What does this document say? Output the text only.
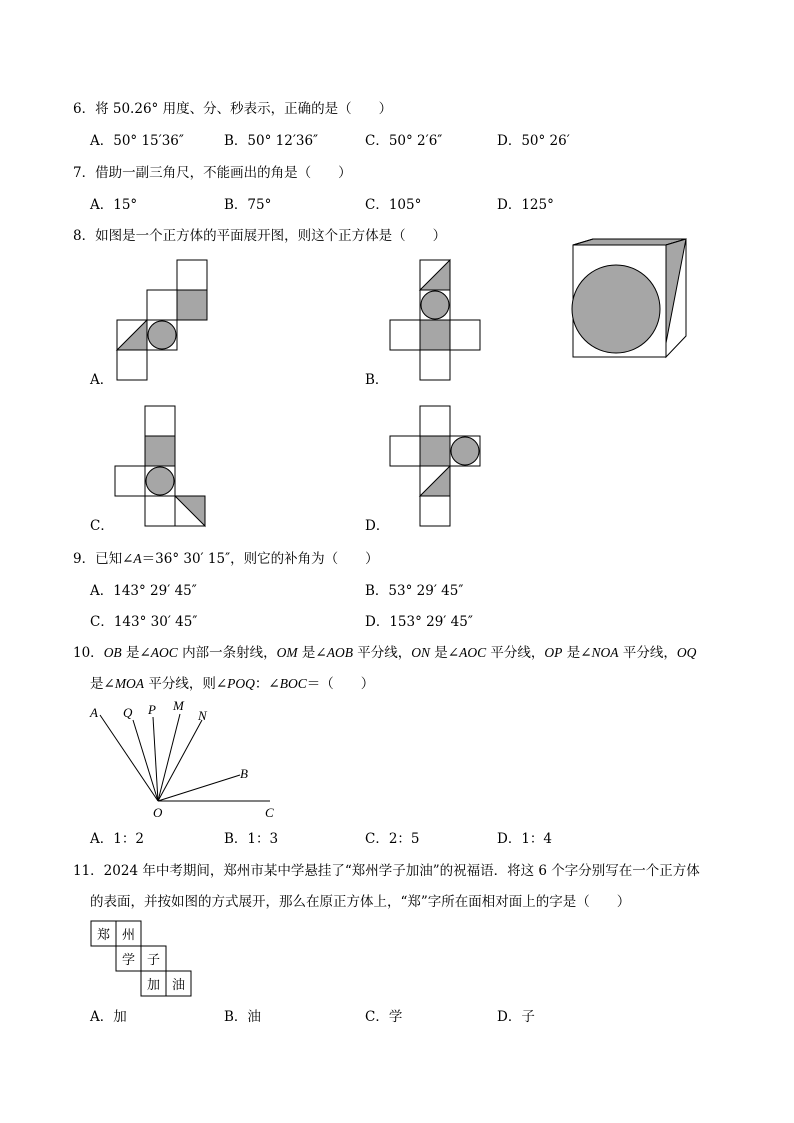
6．将 50.26° 用度、分、秒表示，正确的是（　　）
A．50° 15′36″	B．50° 12′36″	C．50° 2′6″	D．50° 26′
7．借助一副三角尺，不能画出的角是（　　）
A．15°	B．75°	C．105°	D．125°
8．如图是一个正方体的平面展开图，则这个正方体是（　　）
A．	B．
C．	D．
9．已知∠A＝36° 30′ 15″，则它的补角为（　　）
A．143° 29′ 45″	B．53° 29′ 45″
C．143° 30′ 45″	D．153° 29′ 45″
10．OB 是∠AOC 内部一条射线，OM 是∠AOB 平分线，ON 是∠AOC 平分线，OP 是∠NOA 平分线，OQ
是∠MOA 平分线，则∠POQ：∠BOC＝（　　）
A Q P M
N
B
O	C
A．1：2	B．1：3	C．2：5	D．1：4
11．2024 年中考期间，郑州市某中学悬挂了“郑州学子加油”的祝福语．将这 6 个字分别写在一个正方体
的表面，并按如图的方式展开，那么在原正方体上，“郑”字所在面相对面上的字是（　　）
郑 州
学 子
加 油
A．加	B．油	C．学	D．子
